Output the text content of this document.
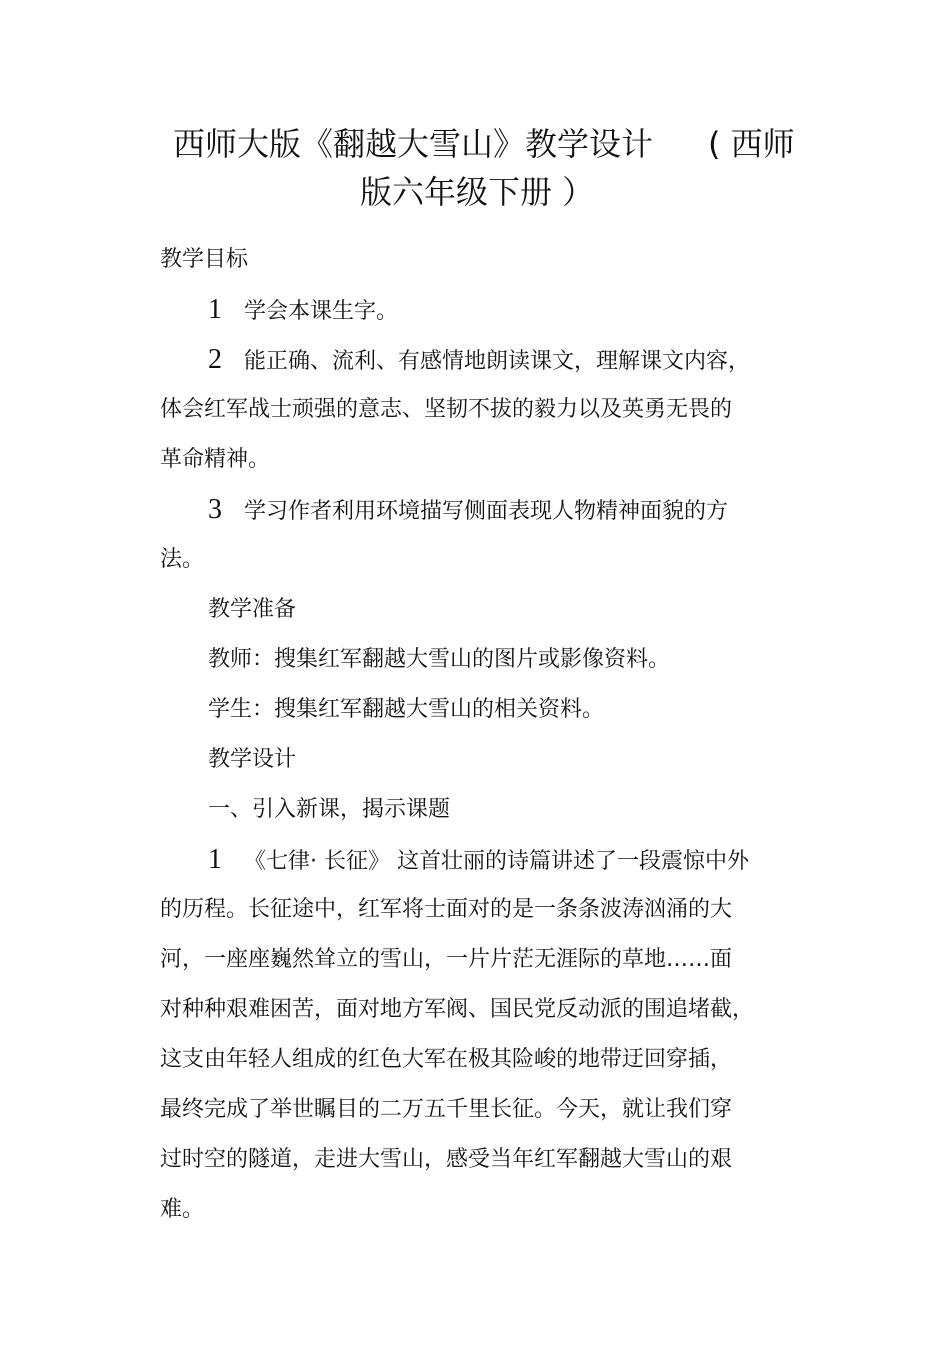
西师大版《翻越大雪山》教学设计 ( 西师
版六年级下册 ）
教学目标
1 学会本课生字。
2 能正确、流利、有感情地朗读课文，理解课文内容，
体会红军战士顽强的意志、坚韧不拔的毅力以及英勇无畏的
革命精神。
3 学习作者利用环境描写侧面表现人物精神面貌的方
法。
教学准备
教师：搜集红军翻越大雪山的图片或影像资料。
学生：搜集红军翻越大雪山的相关资料。
教学设计
一、引入新课，揭示课题
1 《七律· 长征》 这首壮丽的诗篇讲述了一段震惊中外
的历程。长征途中，红军将士面对的是一条条波涛汹涌的大
河，一座座巍然耸立的雪山，一片片茫无涯际的草地……面
对种种艰难困苦，面对地方军阀、国民党反动派的围追堵截，
这支由年轻人组成的红色大军在极其险峻的地带迂回穿插，
最终完成了举世瞩目的二万五千里长征。今天，就让我们穿
过时空的隧道，走进大雪山，感受当年红军翻越大雪山的艰
难。
